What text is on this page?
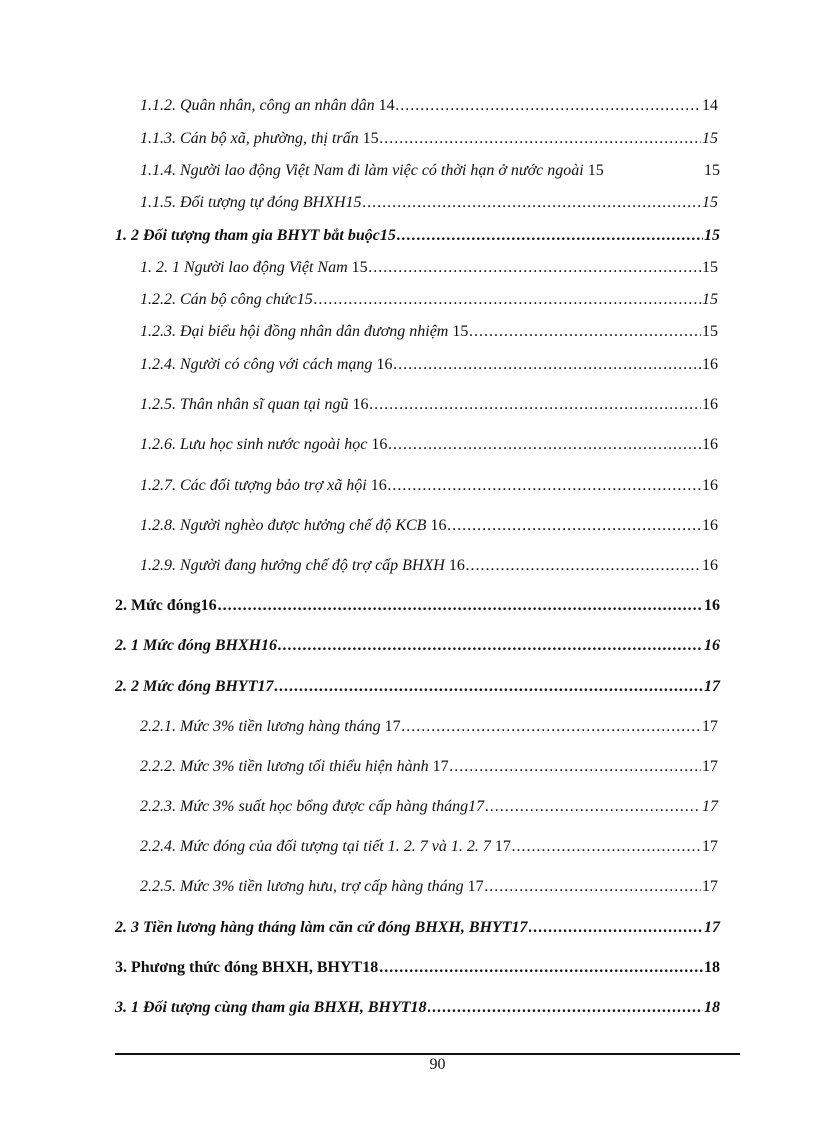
1.1.2. Quân nhân, công an nhân dân 14 .....	14
1.1.3. Cán bộ xã, phường, thị trấn 15 .....	15
1.1.4. Người lao động Việt Nam đi làm việc có thời hạn ở nước ngoài 15	15
1.1.5. Đối tượng tự đóng BHXH15 .....	15
1. 2 Đối tượng tham gia BHYT bắt buộc15 .....	15
1. 2. 1 Người lao động Việt Nam 15 .....	15
1.2.2. Cán bộ công chức15 .....	15
1.2.3. Đại biểu hội đồng nhân dân đương nhiệm 15 .....	15
1.2.4. Người có công với cách mạng 16 .....	16
1.2.5. Thân nhân sĩ quan tại ngũ 16 .....	16
1.2.6. Lưu học sinh nước ngoài học 16 .....	16
1.2.7. Các đối tượng bảo trợ xã hội 16 .....	16
1.2.8. Người nghèo được hưởng chế độ KCB 16 .....	16
1.2.9. Người đang hưởng chế độ trợ cấp BHXH 16 .....	16
2. Mức đóng16 .....	16
2. 1 Mức đóng BHXH16 .....	16
2. 2 Mức đóng BHYT17 .....	17
2.2.1. Mức 3% tiền lương hàng tháng 17 .....	17
2.2.2. Mức 3% tiền lương tối thiểu hiện hành 17 .....	17
2.2.3. Mức 3% suất học bổng được cấp hàng tháng17 .....	17
2.2.4. Mức đóng của đối tượng tại tiết 1. 2. 7 và 1. 2. 7 17 .....	17
2.2.5. Mức 3% tiền lương hưu, trợ cấp hàng tháng 17 .....	17
2. 3 Tiền lương hàng tháng làm căn cứ đóng BHXH, BHYT17 .....	17
3. Phương thức đóng BHXH, BHYT18 .....	18
3. 1 Đối tượng cùng tham gia BHXH, BHYT18 .....	18
90
